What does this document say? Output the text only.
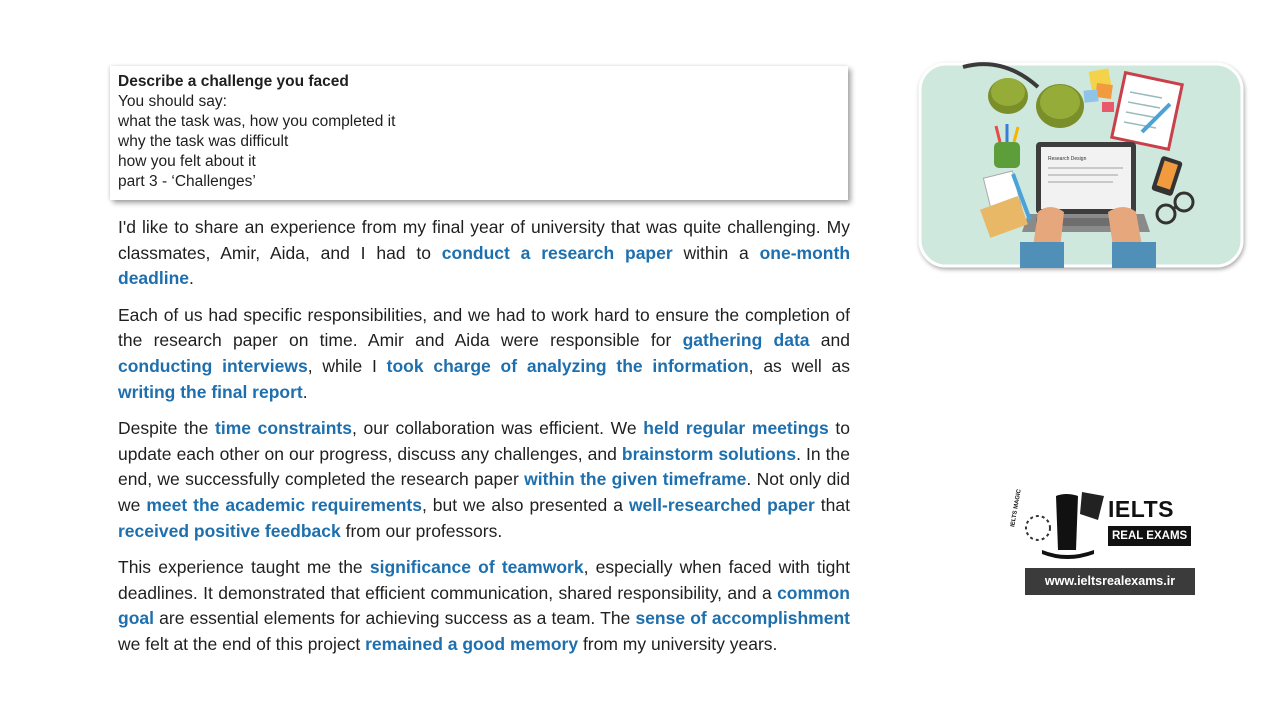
Describe a challenge you faced
You should say:
what the task was, how you completed it
why the task was difficult
how you felt about it
part 3 - ‘Challenges’

I'd like to share an experience from my final year of university that was quite challenging. My classmates, Amir, Aida, and I had to conduct a research paper within a one-month deadline.

Each of us had specific responsibilities, and we had to work hard to ensure the completion of the research paper on time. Amir and Aida were responsible for gathering data and conducting interviews, while I took charge of analyzing the information, as well as writing the final report.

Despite the time constraints, our collaboration was efficient. We held regular meetings to update each other on our progress, discuss any challenges, and brainstorm solutions. In the end, we successfully completed the research paper within the given timeframe. Not only did we meet the academic requirements, but we also presented a well-researched paper that received positive feedback from our professors.

This experience taught me the significance of teamwork, especially when faced with tight deadlines. It demonstrated that efficient communication, shared responsibility, and a common goal are essential elements for achieving success as a team. The sense of accomplishment we felt at the end of this project remained a good memory from my university years.

Research Design
IELTS MAGIC	IELTS
REAL EXAMS
www.ieltsrealexams.ir
